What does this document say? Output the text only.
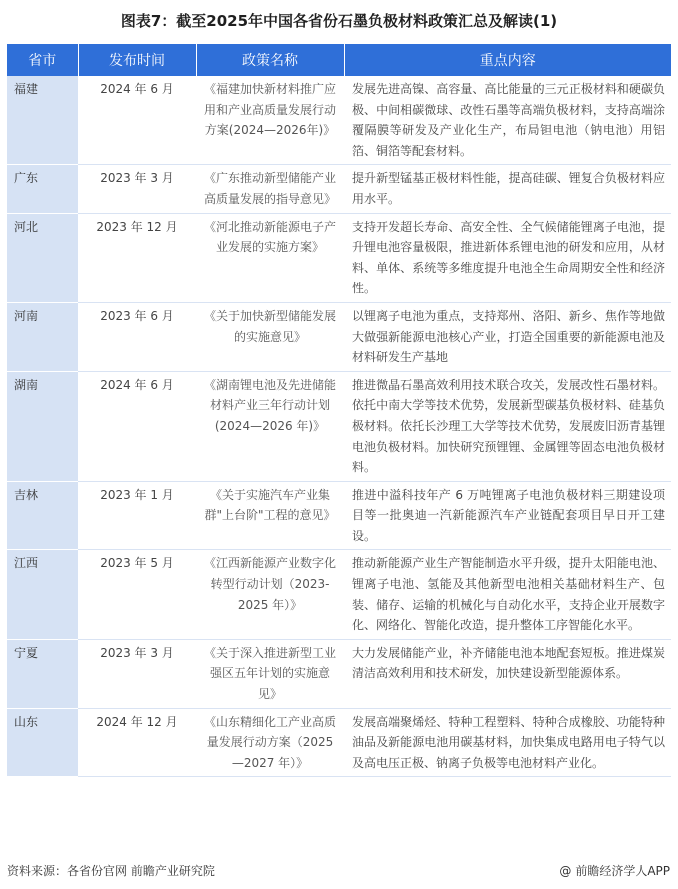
图表7：截至2025年中国各省份石墨负极材料政策汇总及解读(1)
省市	发布时间	政策名称	重点内容
福建	2024 年 6 月	《福建加快新材料推广应用和产业高质量发展行动方案(2024—2026年)》	发展先进高镍、高容量、高比能量的三元正极材料和硬碳负极、中间相碳微球、改性石墨等高端负极材料，支持高端涂覆隔膜等研发及产业化生产，布局钽电池（钠电池）用铝箔、铜箔等配套材料。
广东	2023 年 3 月	《广东推动新型储能产业高质量发展的指导意见》	提升新型锰基正极材料性能，提高硅碳、锂复合负极材料应用水平。
河北	2023 年 12 月	《河北推动新能源电子产业发展的实施方案》	支持开发超长寿命、高安全性、全气候储能锂离子电池，提升锂电池容量极限，推进新体系锂电池的研发和应用，从材料、单体、系统等多维度提升电池全生命周期安全性和经济性。
河南	2023 年 6 月	《关于加快新型储能发展的实施意见》	以锂离子电池为重点，支持郑州、洛阳、新乡、焦作等地做大做强新能源电池核心产业，打造全国重要的新能源电池及材料研发生产基地
湖南	2024 年 6 月	《湖南锂电池及先进储能材料产业三年行动计划(2024—2026 年)》	推进微晶石墨高效利用技术联合攻关，发展改性石墨材料。依托中南大学等技术优势，发展新型碳基负极材料、硅基负极材料。依托长沙理工大学等技术优势，发展废旧沥青基锂电池负极材料。加快研究预锂锂、金属锂等固态电池负极材料。
吉林	2023 年 1 月	《关于实施汽车产业集群"上台阶"工程的意见》	推进中溢科技年产 6 万吨锂离子电池负极材料三期建设项目等一批奥迪一汽新能源汽车产业链配套项目早日开工建设。
江西	2023 年 5 月	《江西新能源产业数字化转型行动计划（2023-2025 年）》	推动新能源产业生产智能制造水平升级，提升太阳能电池、锂离子电池、氢能及其他新型电池相关基础材料生产、包装、储存、运输的机械化与自动化水平，支持企业开展数字化、网络化、智能化改造，提升整体工序智能化水平。
宁夏	2023 年 3 月	《关于深入推进新型工业强区五年计划的实施意见》	大力发展储能产业，补齐储能电池本地配套短板。推进煤炭清洁高效利用和技术研发，加快建设新型能源体系。
山东	2024 年 12 月	《山东精细化工产业高质量发展行动方案（2025—2027 年）》	发展高端聚烯烃、特种工程塑料、特种合成橡胶、功能特种油品及新能源电池用碳基材料，加快集成电路用电子特气以及高电压正极、钠离子负极等电池材料产业化。
资料来源：各省份官网 前瞻产业研究院	@ 前瞻经济学人APP
